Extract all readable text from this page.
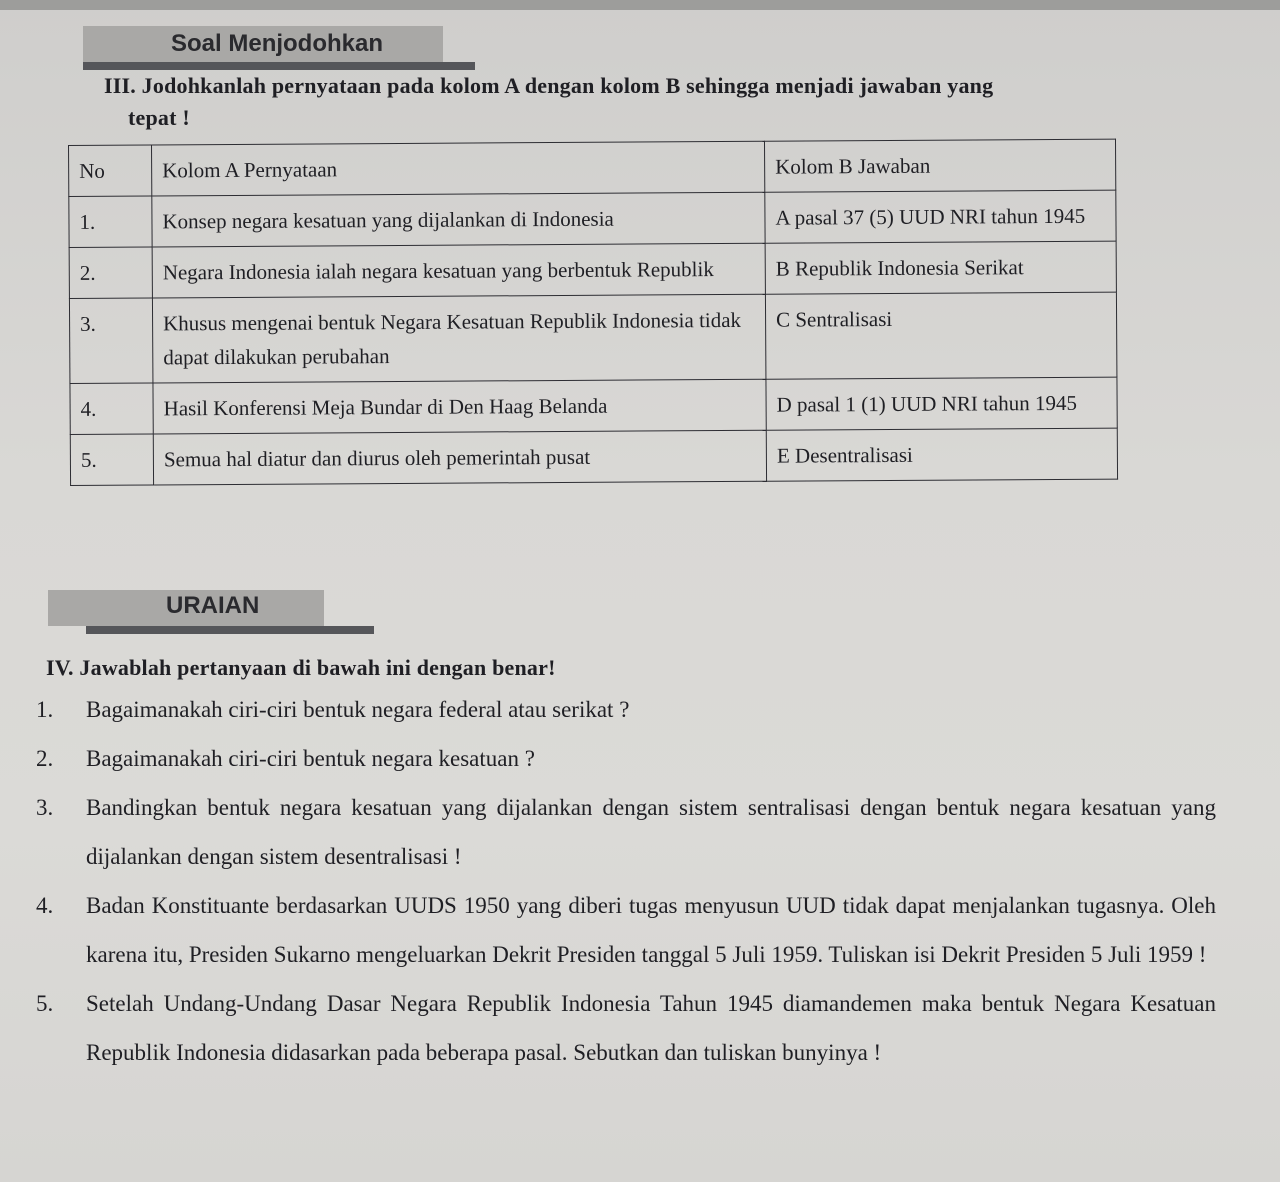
Soal Menjodohkan
III. Jodohkanlah pernyataan pada kolom A dengan kolom B sehingga menjadi jawaban yang
tepat !
No	Kolom A Pernyataan	Kolom B Jawaban
1.	Konsep negara kesatuan yang dijalankan di Indonesia	A pasal 37 (5) UUD NRI tahun 1945
2.	Negara Indonesia ialah negara kesatuan yang berbentuk Republik	B Republik Indonesia Serikat
3.	Khusus mengenai bentuk Negara Kesatuan Republik Indonesia tidak dapat dilakukan perubahan	C Sentralisasi
4.	Hasil Konferensi Meja Bundar di Den Haag Belanda	D pasal 1 (1) UUD NRI tahun 1945
5.	Semua hal diatur dan diurus oleh pemerintah pusat	E Desentralisasi
URAIAN
IV. Jawablah pertanyaan di bawah ini dengan benar!
1. Bagaimanakah ciri-ciri bentuk negara federal atau serikat ?
2. Bagaimanakah ciri-ciri bentuk negara kesatuan ?
3. Bandingkan bentuk negara kesatuan yang dijalankan dengan sistem sentralisasi dengan bentuk negara kesatuan yang dijalankan dengan sistem desentralisasi !
4. Badan Konstituante berdasarkan UUDS 1950 yang diberi tugas menyusun UUD tidak dapat menjalankan tugasnya. Oleh karena itu, Presiden Sukarno mengeluarkan Dekrit Presiden tanggal 5 Juli 1959. Tuliskan isi Dekrit Presiden 5 Juli 1959 !
5. Setelah Undang-Undang Dasar Negara Republik Indonesia Tahun 1945 diamandemen maka bentuk Negara Kesatuan Republik Indonesia didasarkan pada beberapa pasal. Sebutkan dan tuliskan bunyinya !
